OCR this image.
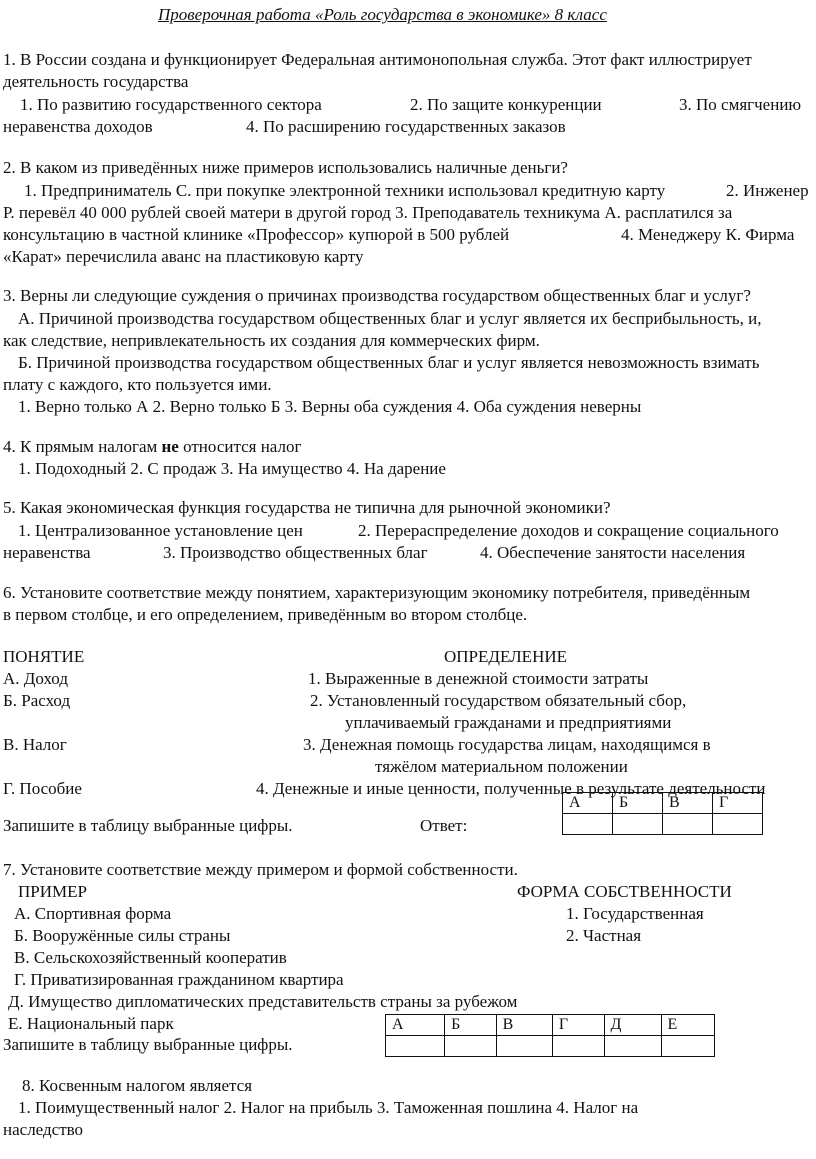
Проверочная работа «Роль государства в экономике» 8 класс
1. В России создана и функционирует Федеральная антимонопольная служба. Этот факт иллюстрирует
деятельность государства
1. По развитию государственного сектора	2. По защите конкуренции	3. По смягчению
неравенства доходов	4. По расширению государственных заказов
2. В каком из приведённых ниже примеров использовались наличные деньги?
1. Предприниматель С. при покупке электронной техники использовал кредитную карту	2. Инженер
Р. перевёл 40 000 рублей своей матери в другой город 3. Преподаватель техникума А. расплатился за
консультацию в частной клинике «Профессор» купюрой в 500 рублей	4. Менеджеру К. Фирма
«Карат» перечислила аванс на пластиковую карту
3. Верны ли следующие суждения о причинах производства государством общественных благ и услуг?
А. Причиной производства государством общественных благ и услуг является их бесприбыльность, и,
как следствие, непривлекательность их создания для коммерческих фирм.
Б. Причиной производства государством общественных благ и услуг является невозможность взимать
плату с каждого, кто пользуется ими.
1. Верно только А 2. Верно только Б 3. Верны оба суждения 4. Оба суждения неверны
4. К прямым налогам не относится налог
1. Подоходный 2. С продаж 3. На имущество 4. На дарение
5. Какая экономическая функция государства не типична для рыночной экономики?
1. Централизованное установление цен	2. Перераспределение доходов и сокращение социального
неравенства	3. Производство общественных благ	4. Обеспечение занятости населения
6. Установите соответствие между понятием, характеризующим экономику потребителя, приведённым
в первом столбце, и его определением, приведённым во втором столбце.
ПОНЯТИЕ	ОПРЕДЕЛЕНИЕ
А. Доход	1. Выраженные в денежной стоимости затраты
Б. Расход	2. Установленный государством обязательный сбор,
уплачиваемый гражданами и предприятиями
В. Налог	3. Денежная помощь государства лицам, находящимся в
тяжёлом материальном положении
Г. Пособие	4. Денежные и иные ценности, полученные в результате деятельности
Запишите в таблицу выбранные цифры.	Ответ:
А	Б	В	Г

7. Установите соответствие между примером и формой собственности.
ПРИМЕР	ФОРМА СОБСТВЕННОСТИ
А. Спортивная форма	1. Государственная
Б. Вооружённые силы страны	2. Частная
В. Сельскохозяйственный кооператив
Г. Приватизированная гражданином квартира
Д. Имущество дипломатических представительств страны за рубежом
Е. Национальный парк
Запишите в таблицу выбранные цифры.
А	Б	В	Г	Д	Е

8. Косвенным налогом является
1. Поимущественный налог 2. Налог на прибыль 3. Таможенная пошлина 4. Налог на
наследство
